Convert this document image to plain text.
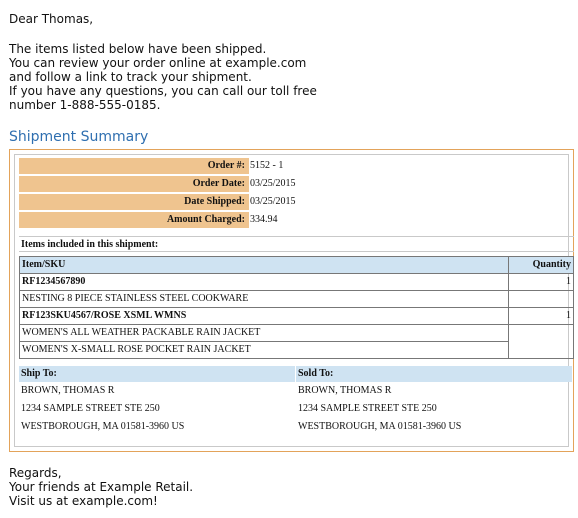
Dear Thomas,
The items listed below have been shipped.
You can review your order online at example.com
and follow a link to track your shipment.
If you have any questions, you can call our toll free
number 1-888-555-0185.
Shipment Summary
Order #: 5152 - 1
Order Date: 03/25/2015
Date Shipped: 03/25/2015
Amount Charged: 334.94
Items included in this shipment:
Item/SKU	Quantity
RF1234567890	1
NESTING 8 PIECE STAINLESS STEEL COOKWARE	
RF123SKU4567/ROSE XSML WMNS	1
WOMEN'S ALL WEATHER PACKABLE RAIN JACKET	
WOMEN'S X-SMALL ROSE POCKET RAIN JACKET	
Ship To:
BROWN, THOMAS R
1234 SAMPLE STREET STE 250
WESTBOROUGH, MA 01581-3960 US
Sold To:
BROWN, THOMAS R
1234 SAMPLE STREET STE 250
WESTBOROUGH, MA 01581-3960 US
Regards,
Your friends at Example Retail.
Visit us at example.com!
